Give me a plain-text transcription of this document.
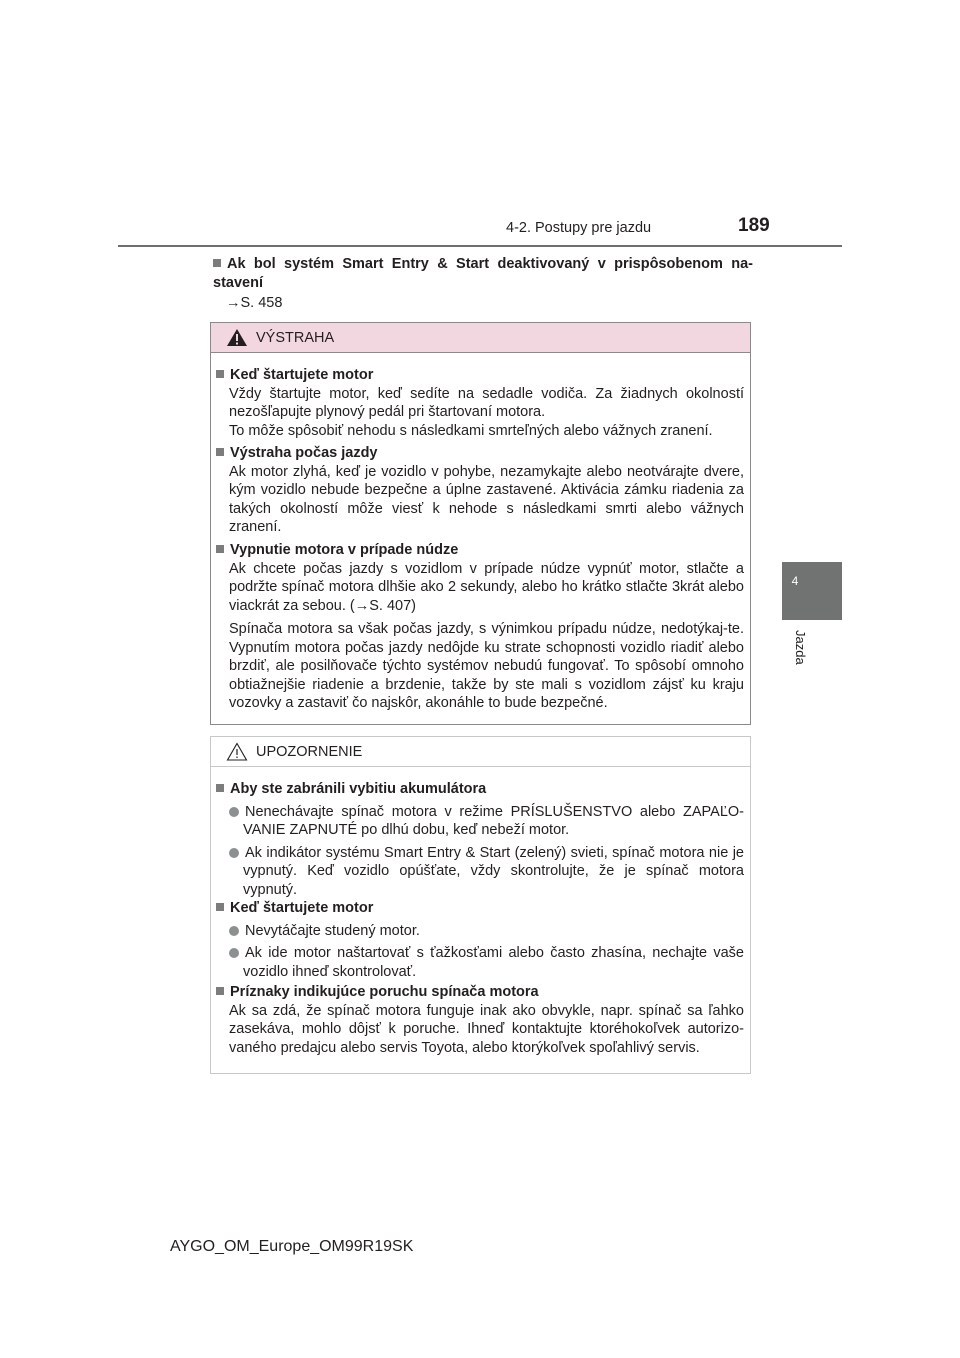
4-2. Postupy pre jazdu	189
4
Jazda
Ak bol systém Smart Entry & Start deaktivovaný v prispôsobenom na-stavení
→S. 458
VÝSTRAHA
Keď štartujete motor

Vždy štartujte motor, keď sedíte na sedadle vodiča. Za žiadnych okolností nezošľapujte plynový pedál pri štartovaní motora.

To môže spôsobiť nehodu s následkami smrteľných alebo vážnych zranení.

Výstraha počas jazdy

Ak motor zlyhá, keď je vozidlo v pohybe, nezamykajte alebo neotvárajte dvere, kým vozidlo nebude bezpečne a úplne zastavené. Aktivácia zámku riadenia za takých okolností môže viesť k nehode s následkami smrti alebo vážnych zranení.

Vypnutie motora v prípade núdze

Ak chcete počas jazdy s vozidlom v prípade núdze vypnúť motor, stlačte a podržte spínač motora dlhšie ako 2 sekundy, alebo ho krátko stlačte 3krát alebo viackrát za sebou. (→S. 407)

Spínača motora sa však počas jazdy, s výnimkou prípadu núdze, nedotýkaj-te. Vypnutím motora počas jazdy nedôjde ku strate schopnosti vozidlo riadiť alebo brzdiť, ale posilňovače týchto systémov nebudú fungovať. To spôsobí omnoho obtiažnejšie riadenie a brzdenie, takže by ste mali s vozidlom zájsť ku kraju vozovky a zastaviť čo najskôr, akonáhle to bude bezpečné.

UPOZORNENIE
Aby ste zabránili vybitiu akumulátora
Nenechávajte spínač motora v režime PRÍSLUŠENSTVO alebo ZAPAĽO-VANIE ZAPNUTÉ po dlhú dobu, keď nebeží motor.
Ak indikátor systému Smart Entry & Start (zelený) svieti, spínač motora nie je vypnutý. Keď vozidlo opúšťate, vždy skontrolujte, že je spínač motora vypnutý.
Keď štartujete motor
Nevytáčajte studený motor.
Ak ide motor naštartovať s ťažkosťami alebo často zhasína, nechajte vaše vozidlo ihneď skontrolovať.
Príznaky indikujúce poruchu spínača motora

Ak sa zdá, že spínač motora funguje inak ako obvykle, napr. spínač sa ľahko zasekáva, mohlo dôjsť k poruche. Ihneď kontaktujte ktoréhokoľvek autorizo-vaného predajcu alebo servis Toyota, alebo ktorýkoľvek spoľahlivý servis.

AYGO_OM_Europe_OM99R19SK
